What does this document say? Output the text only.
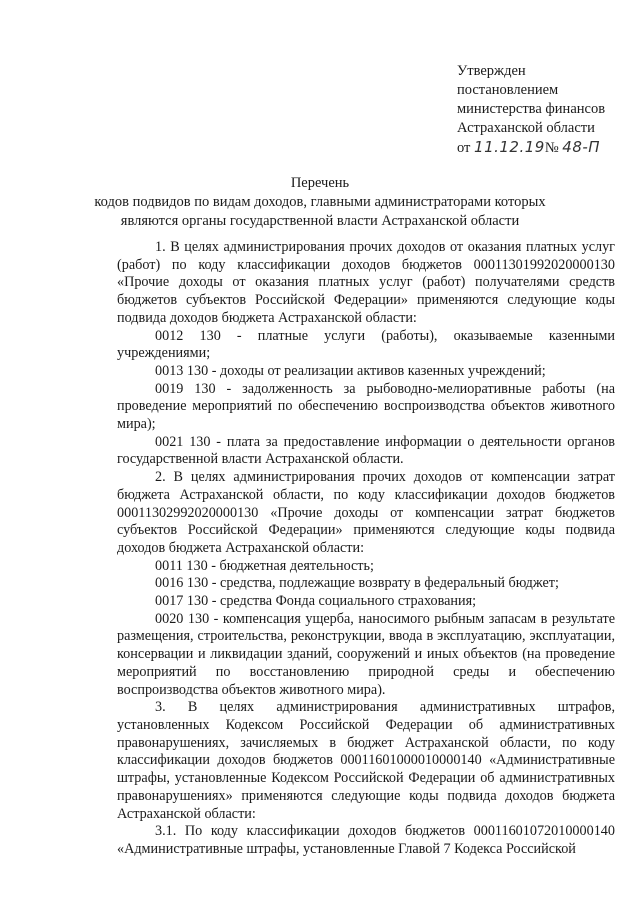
Утвержден
постановлением
министерства финансов
Астраханской области
от 11.12.19№ 48-П
Перечень
кодов подвидов по видам доходов, главными администраторами которых
являются органы государственной власти Астраханской области

1. В целях администрирования прочих доходов от оказания платных услуг (работ) по коду классификации доходов бюджетов 00011301992020000130 «Прочие доходы от оказания платных услуг (работ) получателями средств бюджетов субъектов Российской Федерации» применяются следующие коды подвида доходов бюджета Астраханской области:

0012 130 - платные услуги (работы), оказываемые казенными учреждениями;

0013 130 - доходы от реализации активов казенных учреждений;

0019 130 - задолженность за рыбоводно-мелиоративные работы (на проведение мероприятий по обеспечению воспроизводства объектов животного мира);

0021 130 - плата за предоставление информации о деятельности органов государственной власти Астраханской области.

2. В целях администрирования прочих доходов от компенсации затрат бюджета Астраханской области, по коду классификации доходов бюджетов 00011302992020000130 «Прочие доходы от компенсации затрат бюджетов субъектов Российской Федерации» применяются следующие коды подвида доходов бюджета Астраханской области:

0011 130 - бюджетная деятельность;

0016 130 - средства, подлежащие возврату в федеральный бюджет;

0017 130 - средства Фонда социального страхования;

0020 130 - компенсация ущерба, наносимого рыбным запасам в результате размещения, строительства, реконструкции, ввода в эксплуатацию, эксплуатации, консервации и ликвидации зданий, сооружений и иных объектов (на проведение мероприятий по восстановлению природной среды и обеспечению воспроизводства объектов животного мира).

3. В целях администрирования административных штрафов, установленных Кодексом Российской Федерации об административных правонарушениях, зачисляемых в бюджет Астраханской области, по коду классификации доходов бюджетов 00011601000010000140 «Административные штрафы, установленные Кодексом Российской Федерации об административных правонарушениях» применяются следующие коды подвида доходов бюджета Астраханской области:

3.1. По коду классификации доходов бюджетов 00011601072010000140 «Административные штрафы, установленные Главой 7 Кодекса Российской
